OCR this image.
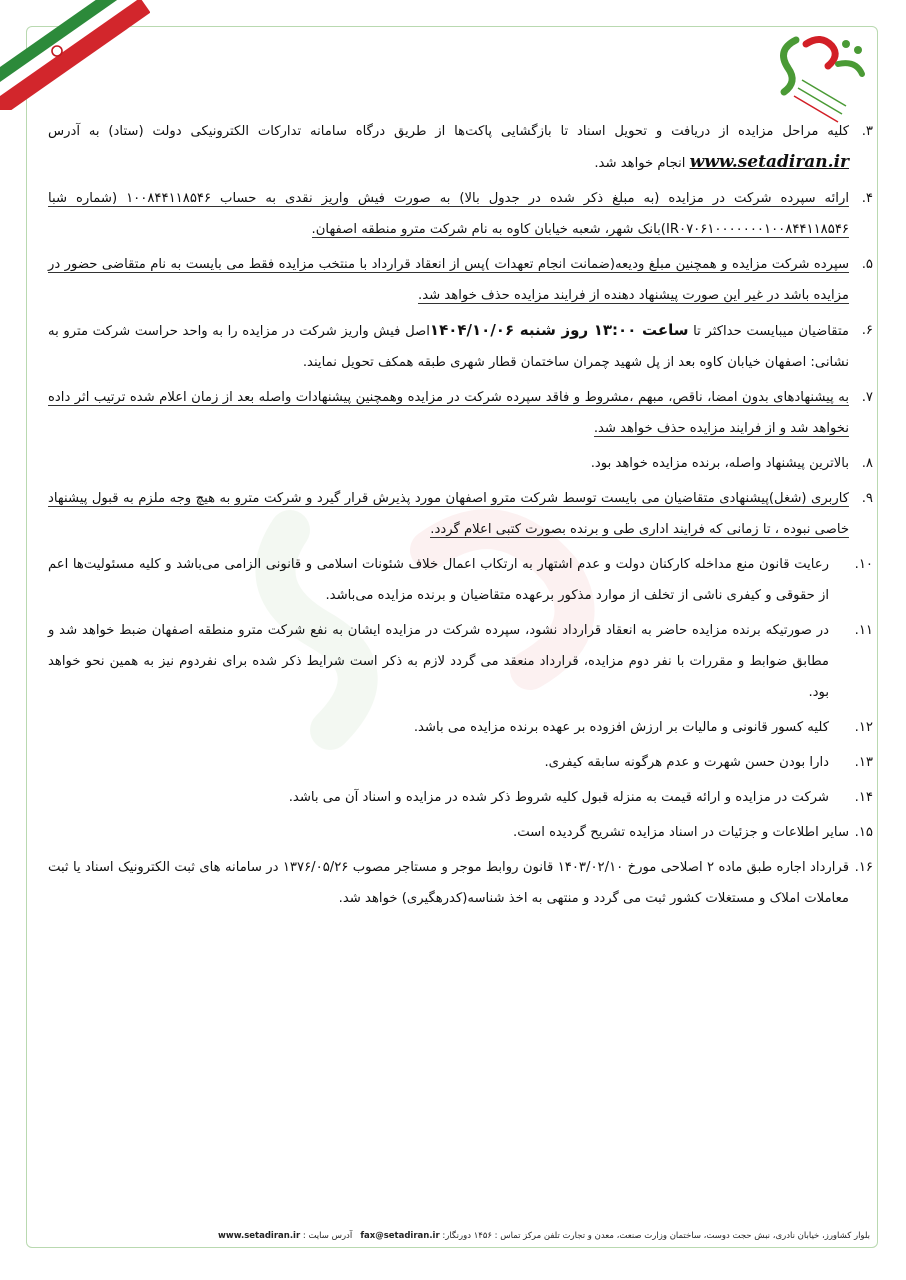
۳.
کلیه مراحل مزایده از دریافت و تحویل اسناد تا بازگشایی پاکت‌ها از طریق درگاه سامانه تدارکات الکترونیکی دولت (ستاد) به آدرس www.setadiran.ir انجام خواهد شد.
۴.
ارائه سپرده شرکت در مزایده (به مبلغ ذکر شده در جدول بالا) به صورت فیش واریز نقدی به حساب ۱۰۰۸۴۴۱۱۸۵۴۶ (شماره شبا IR۰۷۰۶۱۰۰۰۰۰۰۰۱۰۰۸۴۴۱۱۸۵۴۶)بانک شهر، شعبه خیابان کاوه به نام شرکت مترو منطقه اصفهان.
۵.
سپرده شرکت مزایده و همچنین مبلغ ودیعه(ضمانت انجام تعهدات )پس از انعقاد قرارداد با منتخب مزایده فقط می بایست به نام متقاضی حضور در مزایده باشد در غیر این صورت پیشنهاد دهنده از فرایند مزایده حذف خواهد شد.
۶.
متقاضیان میبایست حداکثر تا ساعت ۱۳:۰۰ روز شنبه ۱۴۰۴/۱۰/۰۶اصل فیش واریز شرکت در مزایده را به واحد حراست شرکت مترو به نشانی: اصفهان خیابان کاوه بعد از پل شهید چمران ساختمان قطار شهری طبقه همکف تحویل نمایند.
۷.
به پیشنهادهای بدون امضا، ناقص، مبهم ،مشروط و فاقد سپرده شرکت در مزایده وهمچنین پیشنهادات واصله بعد از زمان اعلام شده ترتیب اثر داده نخواهد شد و از فرایند مزایده حذف خواهد شد.
۸.
بالاترین پیشنهاد واصله، برنده مزایده خواهد بود.
۹.
کاربری (شغل)پیشنهادی متقاضیان می بایست توسط شرکت مترو اصفهان مورد پذیرش قرار گیرد و شرکت مترو به هیچ وجه ملزم به قبول پیشنهاد خاصی نبوده ، تا زمانی که فرایند اداری طی و برنده بصورت کتبی اعلام گردد.
۱۰.
رعایت قانون منع مداخله کارکنان دولت و عدم اشتهار به ارتکاب اعمال خلاف شئونات اسلامی و قانونی الزامی می‌باشد و کلیه مسئولیت‌ها اعم از حقوقی و کیفری ناشی از تخلف از موارد مذکور برعهده متقاضیان و برنده مزایده می‌باشد.
۱۱.
در صورتیکه برنده مزایده حاضر به انعقاد قرارداد نشود، سپرده شرکت در مزایده ایشان به نفع شرکت مترو منطقه اصفهان ضبط خواهد شد و مطابق ضوابط و مقررات با نفر دوم مزایده، قرارداد منعقد می گردد لازم به ذکر است شرایط ذکر شده برای نفردوم نیز به همین نحو خواهد بود.
۱۲.
کلیه کسور قانونی و مالیات بر ارزش افزوده بر عهده برنده مزایده می باشد.
۱۳.
دارا بودن حسن شهرت و عدم هرگونه سابقه کیفری.
۱۴.
شرکت در مزایده و ارائه قیمت به منزله قبول کلیه شروط ذکر شده در مزایده و اسناد آن می باشد.
۱۵.
سایر اطلاعات و جزئیات در اسناد مزایده تشریح گردیده است.
۱۶.
قرارداد اجاره طبق ماده ۲ اصلاحی مورخ ۱۴۰۳/۰۲/۱۰ قانون روابط موجر و مستاجر مصوب ۱۳۷۶/۰۵/۲۶ در سامانه های ثبت الکترونیک اسناد یا ثبت معاملات املاک و مستغلات کشور ثبت می گردد و منتهی به اخذ شناسه(کدرهگیری) خواهد شد.
بلوار کشاورز، خیابان نادری، نبش حجت دوست، ساختمان وزارت صنعت، معدن و تجارت تلفن مرکز تماس : ۱۴۵۶ دورنگار: fax@setadiran.ir   آدرس سایت : www.setadiran.ir
